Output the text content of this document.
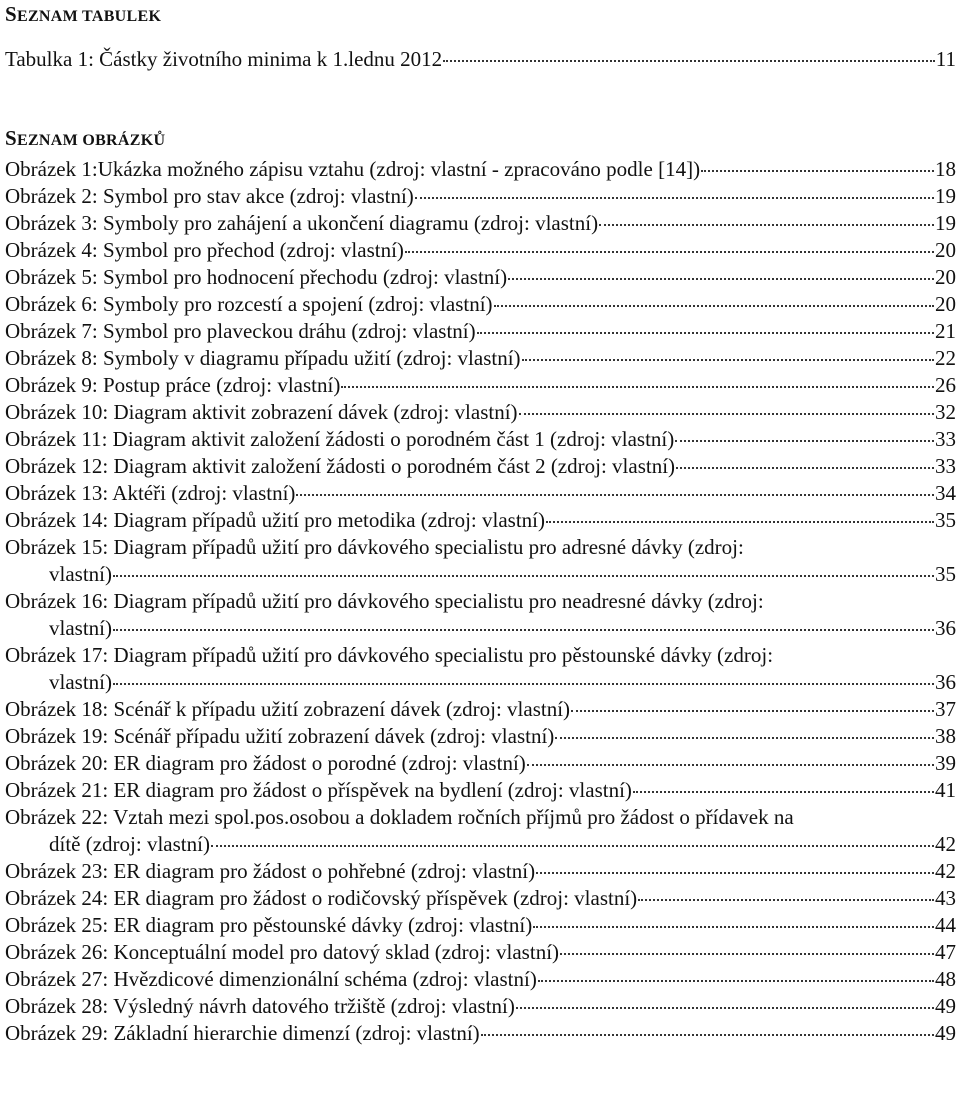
SEZNAM TABULEK
Tabulka 1: Částky životního minima k 1.lednu 2012	11
SEZNAM OBRÁZKŮ
Obrázek 1:Ukázka možného zápisu vztahu (zdroj: vlastní - zpracováno podle [14])	18
Obrázek 2: Symbol pro stav akce (zdroj: vlastní)	19
Obrázek 3: Symboly pro zahájení a ukončení diagramu (zdroj: vlastní)	19
Obrázek 4: Symbol pro přechod (zdroj: vlastní)	20
Obrázek 5: Symbol pro hodnocení přechodu (zdroj: vlastní)	20
Obrázek 6: Symboly pro rozcestí a spojení (zdroj: vlastní)	20
Obrázek 7: Symbol pro plaveckou dráhu (zdroj: vlastní)	21
Obrázek 8: Symboly v diagramu případu užití (zdroj: vlastní)	22
Obrázek 9: Postup práce (zdroj: vlastní)	26
Obrázek 10: Diagram aktivit zobrazení dávek (zdroj: vlastní)	32
Obrázek 11: Diagram aktivit založení žádosti o porodném část 1 (zdroj: vlastní)	33
Obrázek 12: Diagram aktivit založení žádosti o porodném část 2 (zdroj: vlastní)	33
Obrázek 13: Aktéři (zdroj: vlastní)	34
Obrázek 14: Diagram případů užití pro metodika (zdroj: vlastní)	35
Obrázek 15: Diagram případů užití pro dávkového specialistu pro adresné dávky (zdroj:
vlastní)	35
Obrázek 16: Diagram případů užití pro dávkového specialistu pro neadresné dávky (zdroj:
vlastní)	36
Obrázek 17: Diagram případů užití pro dávkového specialistu pro pěstounské dávky (zdroj:
vlastní)	36
Obrázek 18: Scénář k případu užití zobrazení dávek (zdroj: vlastní)	37
Obrázek 19: Scénář případu užití zobrazení dávek (zdroj: vlastní)	38
Obrázek 20: ER diagram pro žádost o porodné (zdroj: vlastní)	39
Obrázek 21: ER diagram pro žádost o příspěvek na bydlení (zdroj: vlastní)	41
Obrázek 22: Vztah mezi spol.pos.osobou a dokladem ročních příjmů pro žádost o přídavek na
dítě (zdroj: vlastní)	42
Obrázek 23: ER diagram pro žádost o pohřebné (zdroj: vlastní)	42
Obrázek 24: ER diagram pro žádost o rodičovský příspěvek (zdroj: vlastní)	43
Obrázek 25: ER diagram pro pěstounské dávky (zdroj: vlastní)	44
Obrázek 26: Konceptuální model pro datový sklad (zdroj: vlastní)	47
Obrázek 27: Hvězdicové dimenzionální schéma (zdroj: vlastní)	48
Obrázek 28: Výsledný návrh datového tržiště (zdroj: vlastní)	49
Obrázek 29: Základní hierarchie dimenzí (zdroj: vlastní)	49
